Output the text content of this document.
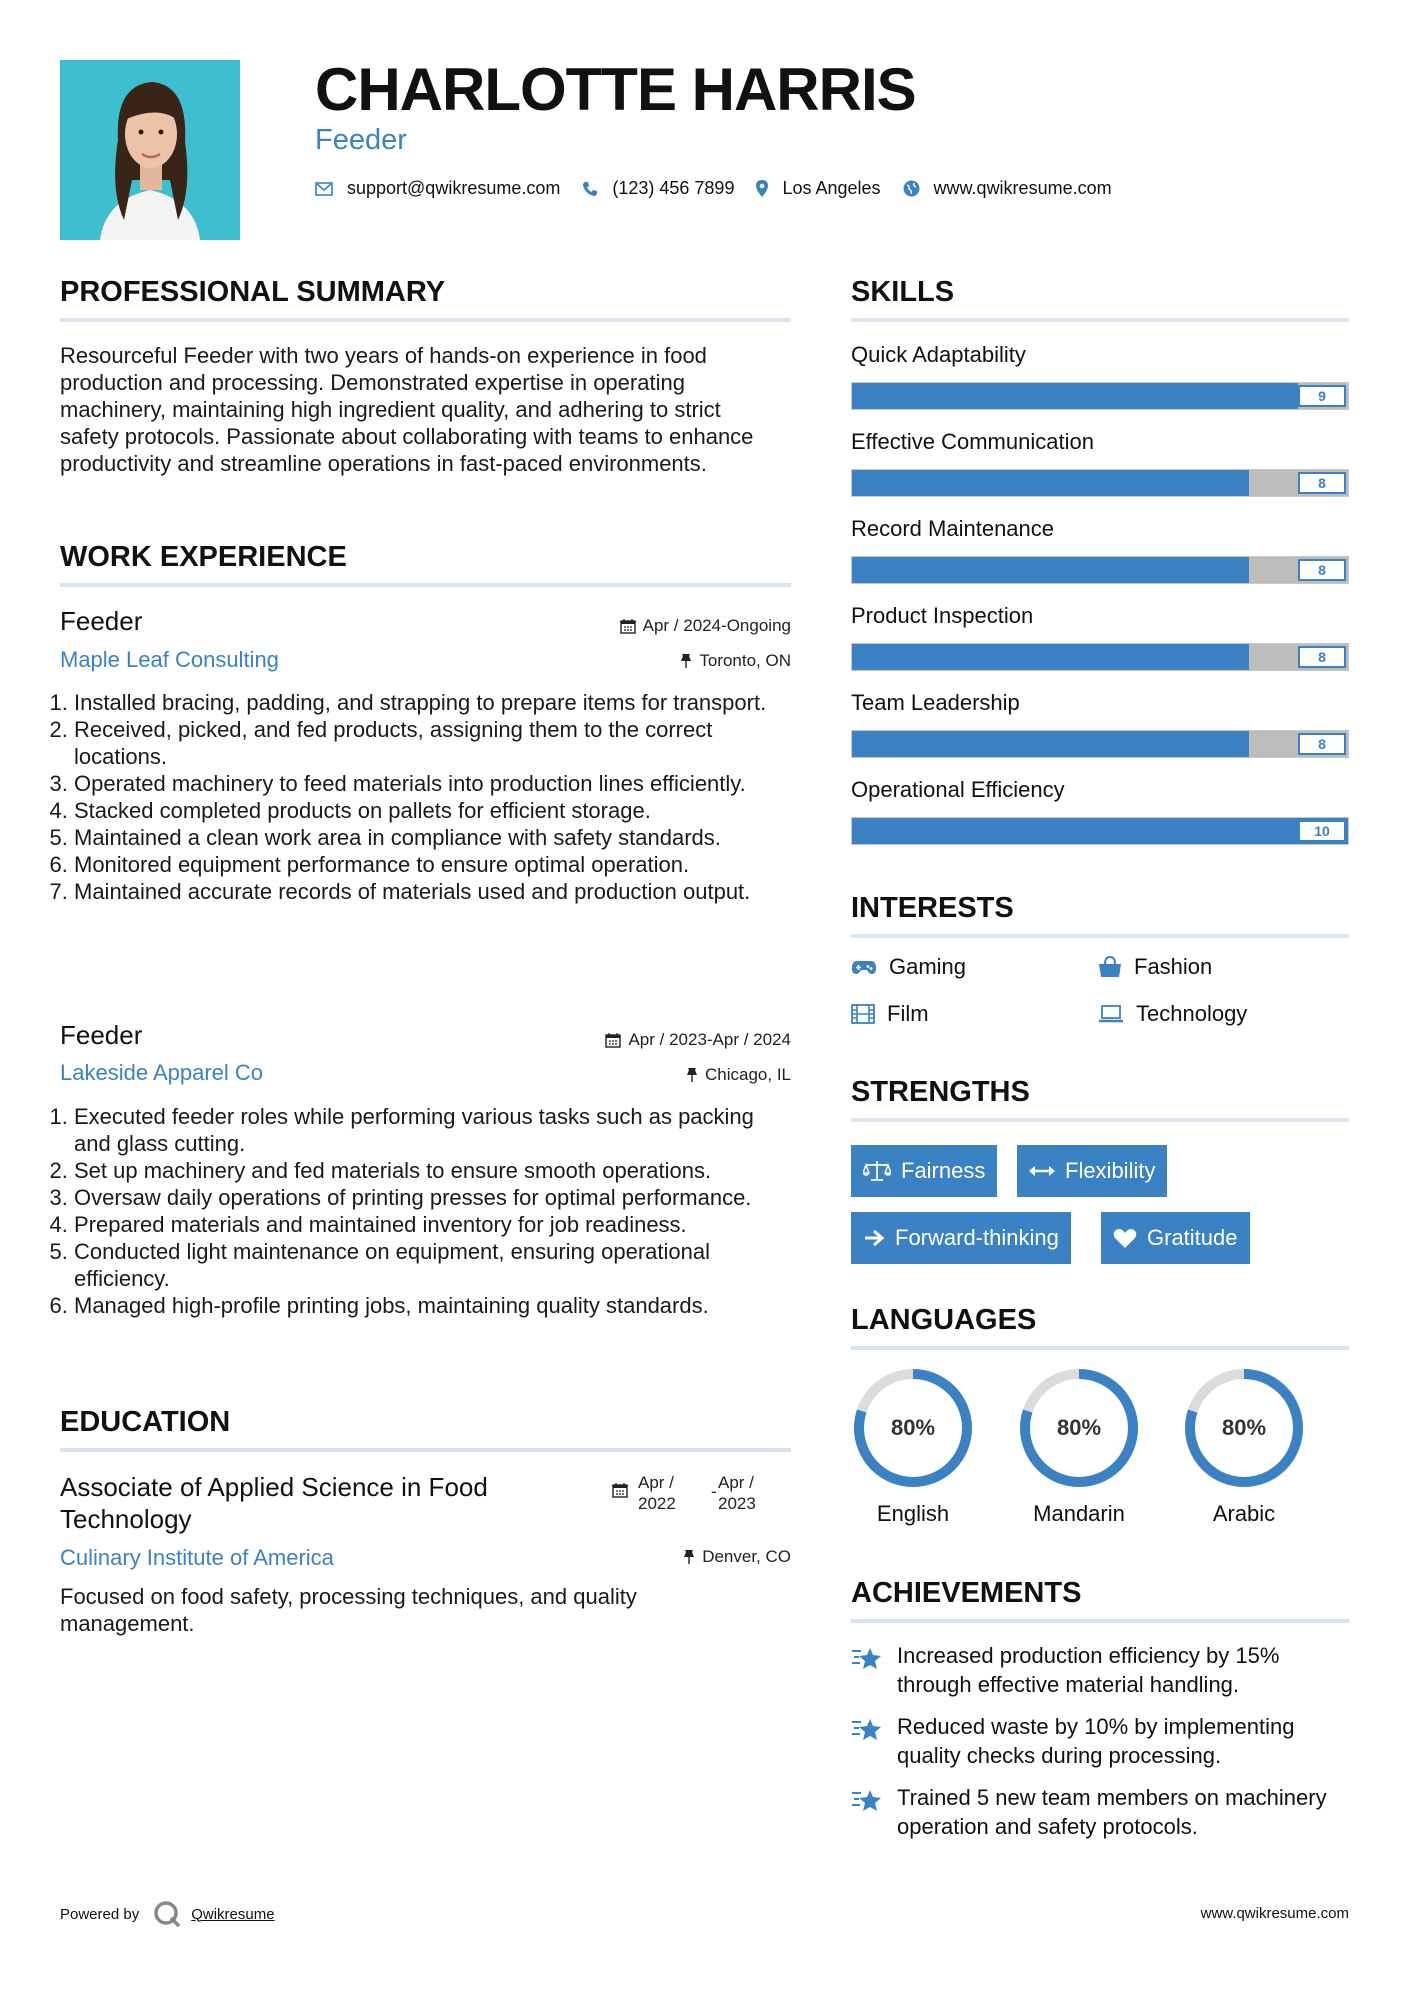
CHARLOTTE HARRIS
Feeder
support@qwikresume.com	(123) 456 7899	Los Angeles	www.qwikresume.com
PROFESSIONAL SUMMARY
Resourceful Feeder with two years of hands-on experience in food production and processing. Demonstrated expertise in operating machinery, maintaining high ingredient quality, and adhering to strict safety protocols. Passionate about collaborating with teams to enhance productivity and streamline operations in fast-paced environments.
WORK EXPERIENCE
Feeder
Maple Leaf Consulting
Apr / 2024-Ongoing
Toronto, ON
1. Installed bracing, padding, and strapping to prepare items for transport.
2. Received, picked, and fed products, assigning them to the correct locations.
3. Operated machinery to feed materials into production lines efficiently.
4. Stacked completed products on pallets for efficient storage.
5. Maintained a clean work area in compliance with safety standards.
6. Monitored equipment performance to ensure optimal operation.
7. Maintained accurate records of materials used and production output.
Feeder
Lakeside Apparel Co
Apr / 2023-Apr / 2024
Chicago, IL
1. Executed feeder roles while performing various tasks such as packing and glass cutting.
2. Set up machinery and fed materials to ensure smooth operations.
3. Oversaw daily operations of printing presses for optimal performance.
4. Prepared materials and maintained inventory for job readiness.
5. Conducted light maintenance on equipment, ensuring operational efficiency.
6. Managed high-profile printing jobs, maintaining quality standards.
EDUCATION
Associate of Applied Science in Food Technology
Culinary Institute of America
Apr /
2022
- Apr /
2023
Denver, CO
Focused on food safety, processing techniques, and quality management.
SKILLS
Quick Adaptability
9
Effective Communication
8
Record Maintenance
8
Product Inspection
8
Team Leadership
8
Operational Efficiency
10
INTERESTS
Gaming	Fashion
Film	Technology
STRENGTHS
Fairness	Flexibility
Forward-thinking	Gratitude
LANGUAGES
80%
English
80%
Mandarin
80%
Arabic
ACHIEVEMENTS
Increased production efficiency by 15% through effective material handling.
Reduced waste by 10% by implementing quality checks during processing.
Trained 5 new team members on machinery operation and safety protocols.
Powered by	Qwikresume	www.qwikresume.com
